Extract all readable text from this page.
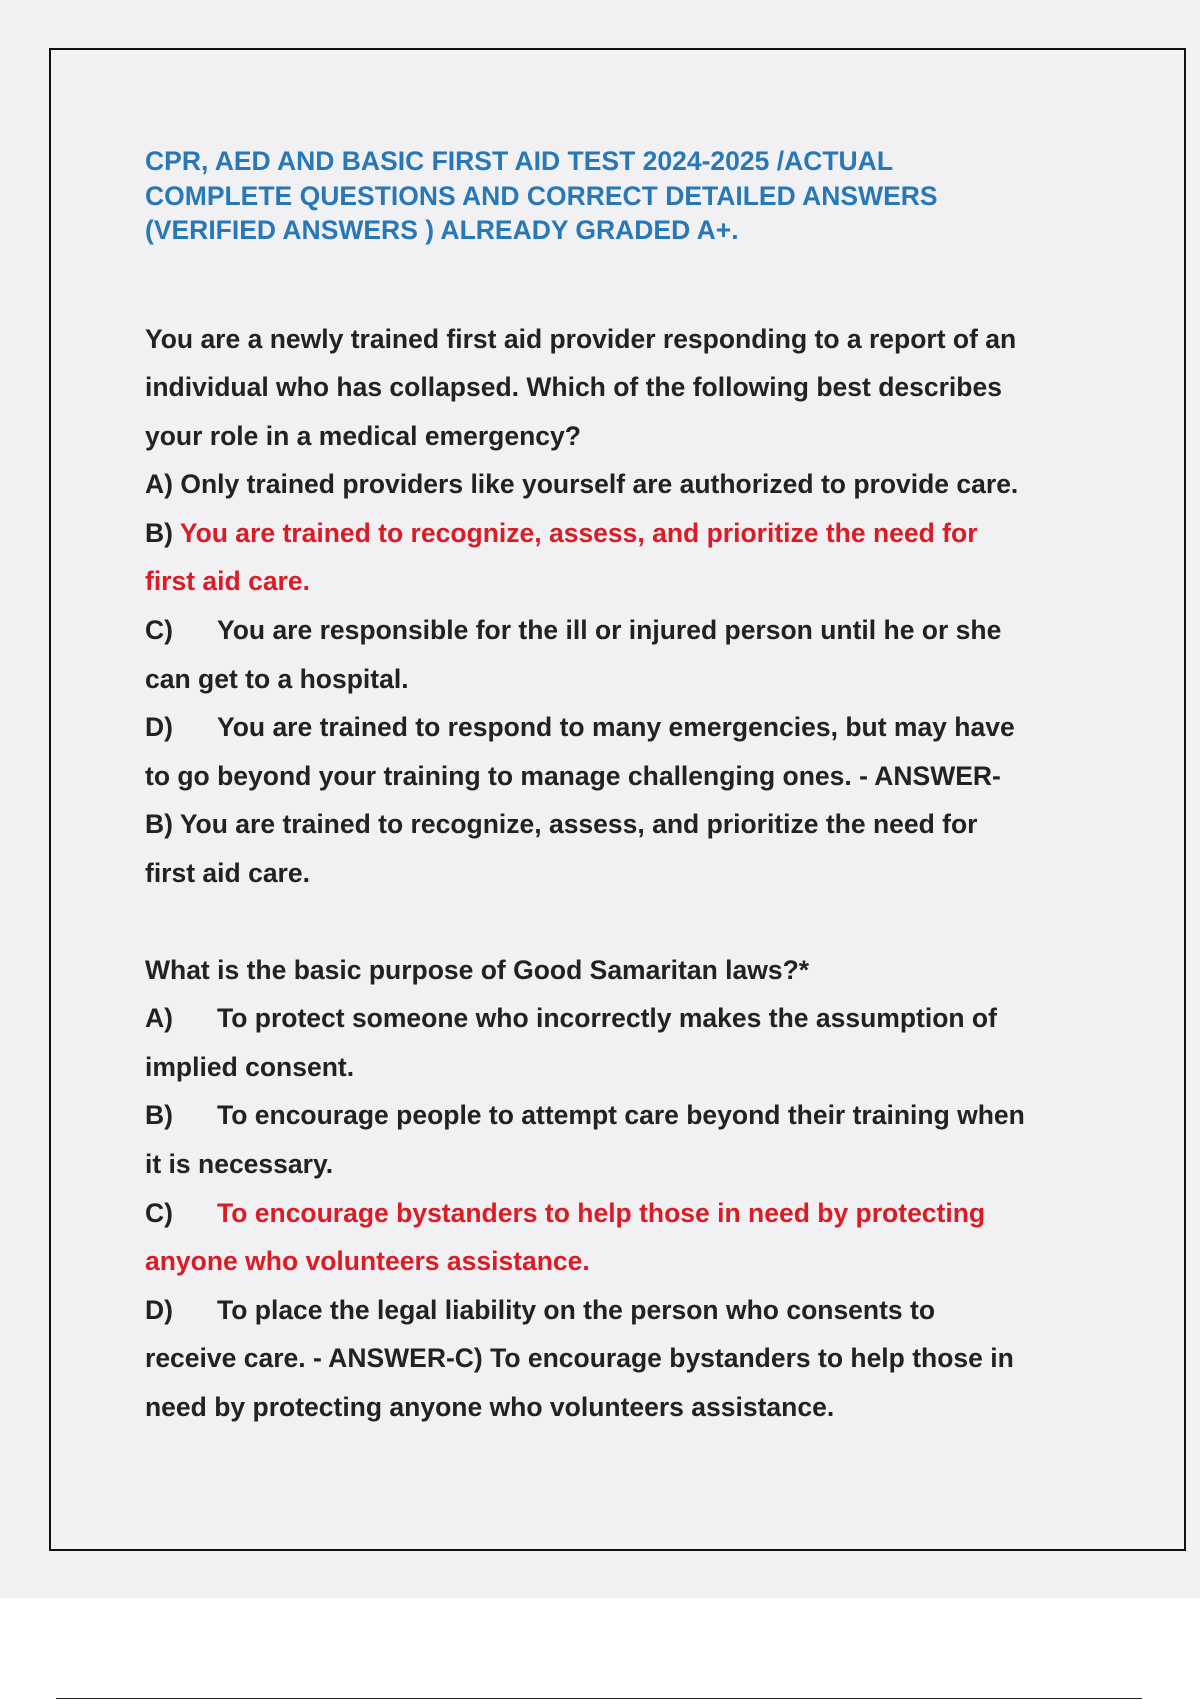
CPR, AED AND BASIC FIRST AID TEST 2024-2025 /ACTUAL
COMPLETE QUESTIONS AND CORRECT DETAILED ANSWERS
(VERIFIED ANSWERS ) ALREADY GRADED A+.
You are a newly trained first aid provider responding to a report of an
individual who has collapsed. Which of the following best describes
your role in a medical emergency?
A) Only trained providers like yourself are authorized to provide care.
B) You are trained to recognize, assess, and prioritize the need for
first aid care.
C) You are responsible for the ill or injured person until he or she
can get to a hospital.
D) You are trained to respond to many emergencies, but may have
to go beyond your training to manage challenging ones. - ANSWER-
B) You are trained to recognize, assess, and prioritize the need for
first aid care.
What is the basic purpose of Good Samaritan laws?*
A) To protect someone who incorrectly makes the assumption of
implied consent.
B) To encourage people to attempt care beyond their training when
it is necessary.
C) To encourage bystanders to help those in need by protecting
anyone who volunteers assistance.
D) To place the legal liability on the person who consents to
receive care. - ANSWER-C) To encourage bystanders to help those in
need by protecting anyone who volunteers assistance.
